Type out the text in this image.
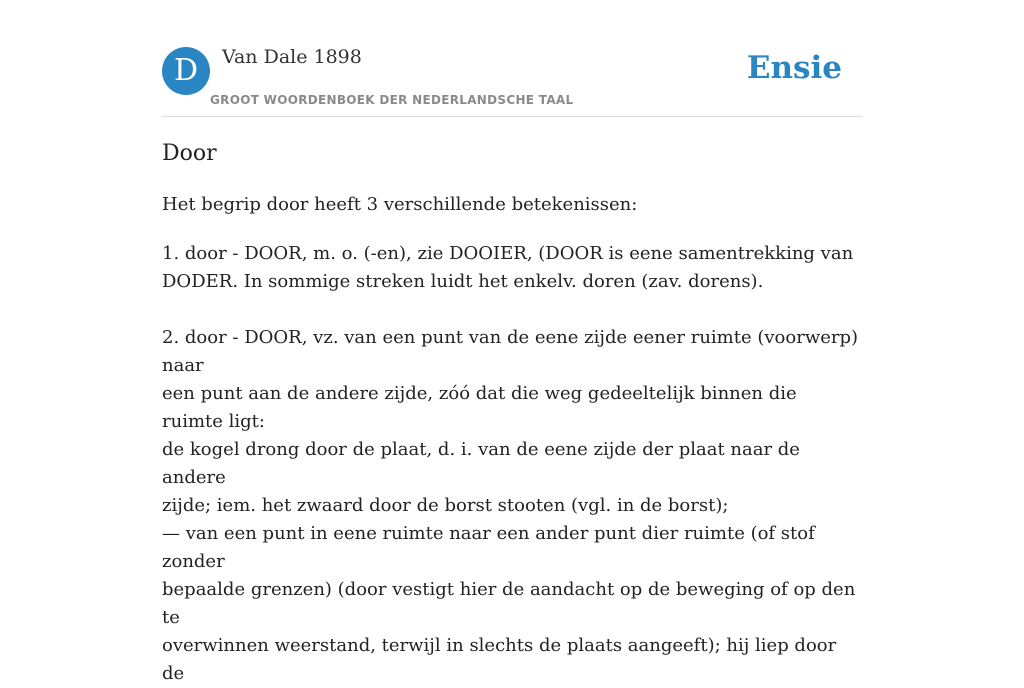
D	Van Dale 1898
GROOT WOORDENBOEK DER NEDERLANDSCHE TAAL
Ensie
Door
Het begrip door heeft 3 verschillende betekenissen:

1. door - DOOR, m. o. (-en), zie DOOIER, (DOOR is eene samentrekking van
DODER. In sommige streken luidt het enkelv. doren (zav. dorens).

2. door - DOOR, vz. van een punt van de eene zijde eener ruimte (voorwerp) naar
een punt aan de andere zijde, zóó dat die weg gedeeltelijk binnen die ruimte ligt:
de kogel drong door de plaat, d. i. van de eene zijde der plaat naar de andere
zijde; iem. het zwaard door de borst stooten (vgl. in de borst);
— van een punt in eene ruimte naar een ander punt dier ruimte (of stof zonder
bepaalde grenzen) (door vestigt hier de aandacht op de beweging of op den te
overwinnen weerstand, terwijl in slechts de plaats aangeeft); hij liep door de
